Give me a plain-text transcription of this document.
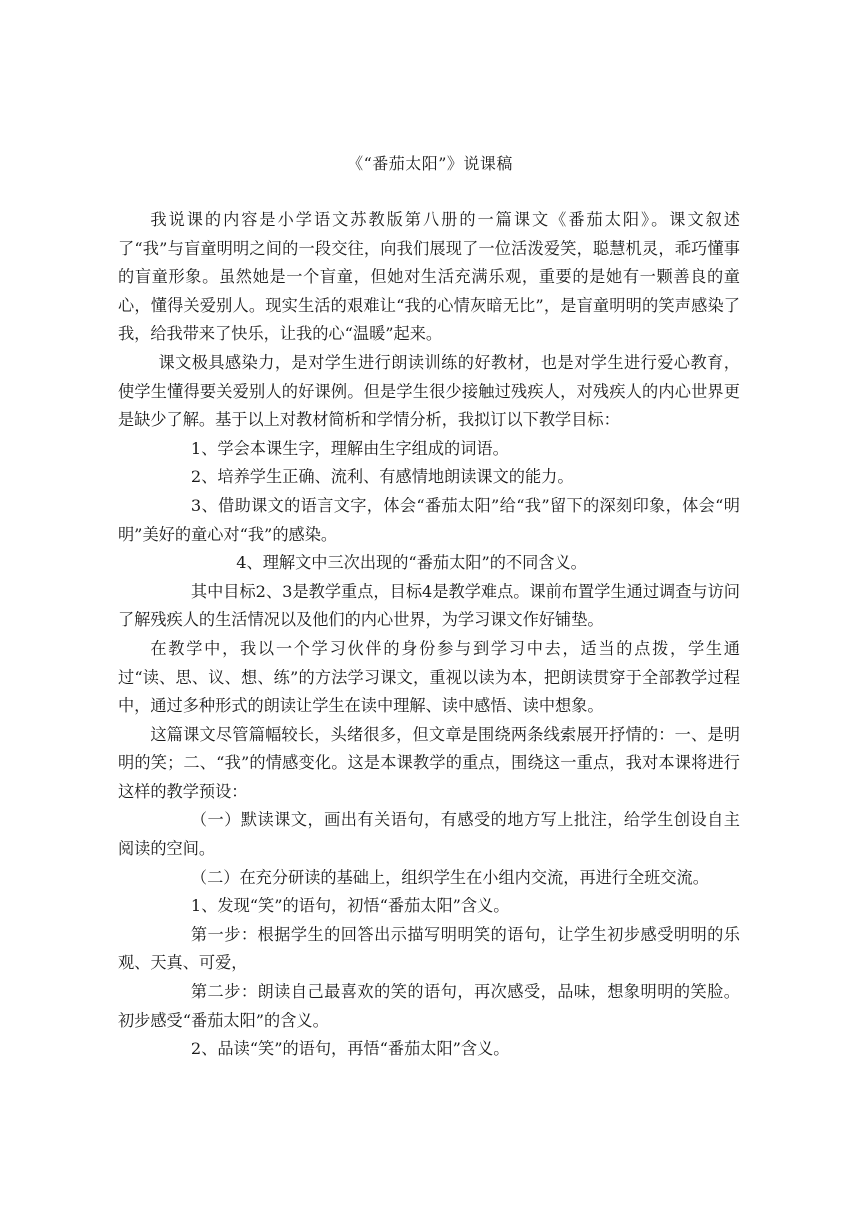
《“番茄太阳”》说课稿

我说课的内容是小学语文苏教版第八册的一篇课文《番茄太阳》。课文叙述了“我”与盲童明明之间的一段交往，向我们展现了一位活泼爱笑，聪慧机灵，乖巧懂事的盲童形象。虽然她是一个盲童，但她对生活充满乐观，重要的是她有一颗善良的童心，懂得关爱别人。现实生活的艰难让“我的心情灰暗无比”，是盲童明明的笑声感染了我，给我带来了快乐，让我的心“温暖”起来。

课文极具感染力，是对学生进行朗读训练的好教材，也是对学生进行爱心教育，使学生懂得要关爱别人的好课例。但是学生很少接触过残疾人，对残疾人的内心世界更是缺少了解。基于以上对教材简析和学情分析，我拟订以下教学目标：

1、学会本课生字，理解由生字组成的词语。

2、培养学生正确、流利、有感情地朗读课文的能力。

3、借助课文的语言文字，体会“番茄太阳”给“我”留下的深刻印象，体会“明明”美好的童心对“我”的感染。

4、理解文中三次出现的“番茄太阳”的不同含义。

其中目标2、3是教学重点，目标4是教学难点。课前布置学生通过调查与访问了解残疾人的生活情况以及他们的内心世界，为学习课文作好铺垫。

在教学中，我以一个学习伙伴的身份参与到学习中去，适当的点拨，学生通过“读、思、议、想、练”的方法学习课文，重视以读为本，把朗读贯穿于全部教学过程中，通过多种形式的朗读让学生在读中理解、读中感悟、读中想象。

这篇课文尽管篇幅较长，头绪很多，但文章是围绕两条线索展开抒情的：一、是明明的笑；二、“我”的情感变化。这是本课教学的重点，围绕这一重点，我对本课将进行这样的教学预设：

（一）默读课文，画出有关语句，有感受的地方写上批注，给学生创设自主阅读的空间。

（二）在充分研读的基础上，组织学生在小组内交流，再进行全班交流。

1、发现“笑”的语句，初悟“番茄太阳”含义。

第一步：根据学生的回答出示描写明明笑的语句，让学生初步感受明明的乐观、天真、可爱，

第二步：朗读自己最喜欢的笑的语句，再次感受，品味，想象明明的笑脸。初步感受“番茄太阳”的含义。

2、品读“笑”的语句，再悟“番茄太阳”含义。
